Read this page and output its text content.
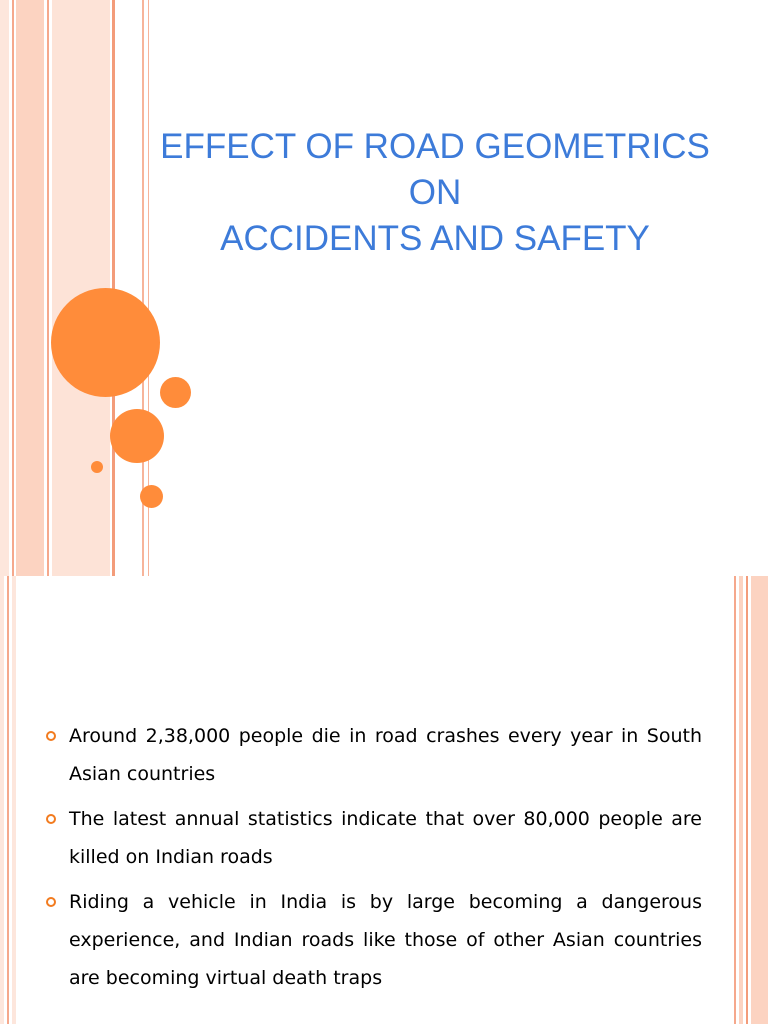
EFFECT OF ROAD GEOMETRICS
ON
ACCIDENTS AND SAFETY
Around 2,38,000 people die in road crashes every year in South Asian countries
The latest annual statistics indicate that over 80,000 people are killed on Indian roads
Riding a vehicle in India is by large becoming a dangerous experience, and Indian roads like those of other Asian countries are becoming virtual death traps
